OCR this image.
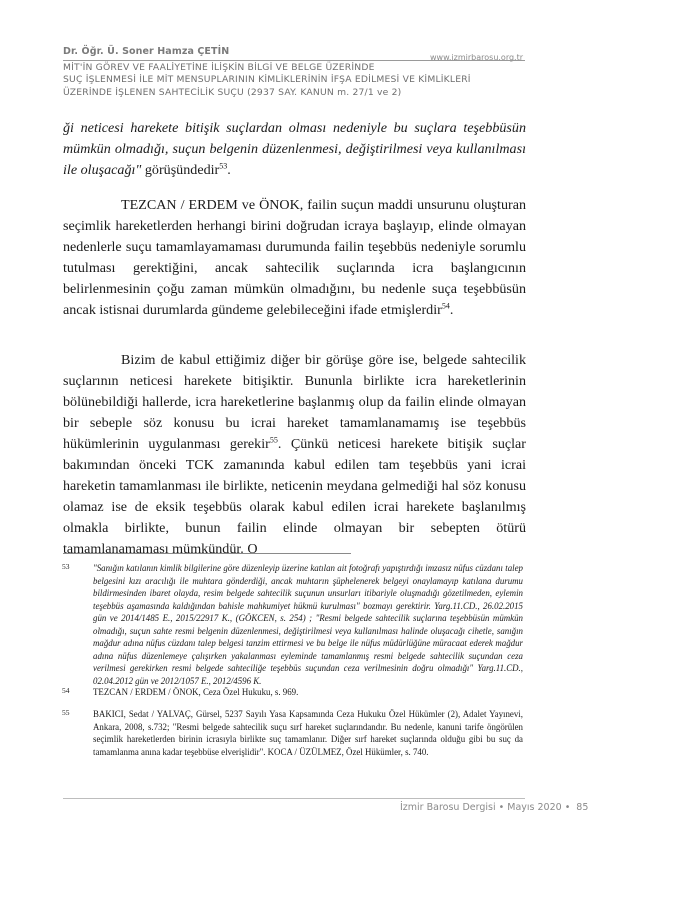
Dr. Öğr. Ü. Soner Hamza ÇETİN
www.izmirbarosu.org.tr
MİT'İN GÖREV VE FAALİYETİNE İLİŞKİN BİLGİ VE BELGE ÜZERİNDE
SUÇ İŞLENMESİ İLE MİT MENSUPLARININ KİMLİKLERİNİN İFŞA EDİLMESİ VE KİMLİKLERİ
ÜZERİNDE İŞLENEN SAHTECİLİK SUÇU (2937 SAY. KANUN m. 27/1 ve 2)

ği neticesi harekete bitişik suçlardan olması nedeniyle bu suçlara teşebbüsün mümkün olmadığı, suçun belgenin düzenlenmesi, değiştirilmesi veya kullanılması ile oluşacağı" görüşündedir$^{53}$.

TEZCAN / ERDEM ve ÖNOK, failin suçun maddi unsurunu oluşturan seçimlik hareketlerden herhangi birini doğrudan icraya başlayıp, elinde olmayan nedenlerle suçu tamamlayamaması durumunda failin teşebbüs nedeniyle sorumlu tutulması gerektiğini, ancak sahtecilik suçlarında icra başlangıcının belirlenmesinin çoğu zaman mümkün olmadığını, bu nedenle suça teşebbüsün ancak istisnai durumlarda gündeme gelebileceğini ifade etmişlerdir$^{54}$.

Bizim de kabul ettiğimiz diğer bir görüşe göre ise, belgede sahtecilik suçlarının neticesi harekete bitişiktir. Bununla birlikte icra hareketlerinin bölünebildiği hallerde, icra hareketlerine başlanmış olup da failin elinde olmayan bir sebeple söz konusu bu icrai hareket tamamlanamamış ise teşebbüs hükümlerinin uygulanması gerekir$^{55}$. Çünkü neticesi harekete bitişik suçlar bakımından önceki TCK zamanında kabul edilen tam teşebbüs yani icrai hareketin tamamlanması ile birlikte, neticenin meydana gelmediği hal söz konusu olamaz ise de eksik teşebbüs olarak kabul edilen icrai harekete başlanılmış olmakla birlikte, bunun failin elinde olmayan bir sebepten ötürü tamamlanamaması mümkündür. O

53	"Sanığın katılanın kimlik bilgilerine göre düzenleyip üzerine katılan ait fotoğrafı yapıştırdığı imzasız nüfus cüzdanı talep belgesini kızı aracılığı ile muhtara gönderdiği, ancak muhtarın şüphelenerek belgeyi onaylamayıp katılana durumu bildirmesinden ibaret olayda, resim belgede sahtecilik suçunun unsurları itibariyle oluşmadığı gözetilmeden, eylemin teşebbüs aşamasında kaldığından bahisle mahkumiyet hükmü kurulması" bozmayı gerektirir. Yarg.11.CD., 26.02.2015 gün ve 2014/1485 E., 2015/22917 K., (GÖKCEN, s. 254) ; "Resmi belgede sahtecilik suçlarına teşebbüsün mümkün olmadığı, suçun sahte resmi belgenin düzenlenmesi, değiştirilmesi veya kullanılması halinde oluşacağı cihetle, sanığın mağdur adına nüfus cüzdanı talep belgesi tanzim ettirmesi ve bu belge ile nüfus müdürlüğüne müracaat ederek mağdur adına nüfus düzenlemeye çalışırken yakalanması eyleminde tamamlanmış resmi belgede sahtecilik suçundan ceza verilmesi gerekirken resmi belgede sahteciliğe teşebbüs suçundan ceza verilmesinin doğru olmadığı" Yarg.11.CD., 02.04.2012 gün ve 2012/1057 E., 2012/4596 K.
54	TEZCAN / ERDEM / ÖNOK, Ceza Özel Hukuku, s. 969.
55	BAKICI, Sedat / YALVAÇ, Gürsel, 5237 Sayılı Yasa Kapsamında Ceza Hukuku Özel Hükümler (2), Adalet Yayınevi, Ankara, 2008, s.732; "Resmi belgede sahtecilik suçu sırf hareket suçlarındandır. Bu nedenle, kanuni tarife öngörülen seçimlik hareketlerden birinin icrasıyla birlikte suç tamamlanır. Diğer sırf hareket suçlarında olduğu gibi bu suç da tamamlanma anına kadar teşebbüse elverişlidir". KOCA / ÜZÜLMEZ, Özel Hükümler, s. 740.
İzmir Barosu Dergisi • Mayıs 2020 • 85
